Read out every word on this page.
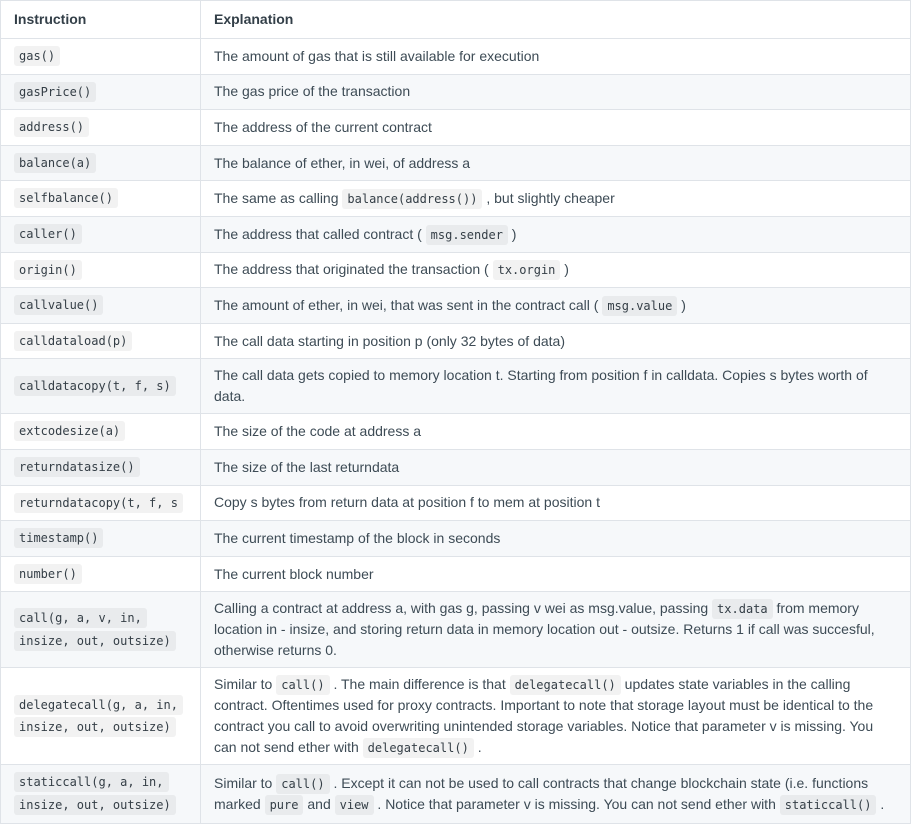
Instruction	Explanation
gas()	The amount of gas that is still available for execution
gasPrice()	The gas price of the transaction
address()	The address of the current contract
balance(a)	The balance of ether, in wei, of address a
selfbalance()	The same as calling balance(address()) , but slightly cheaper
caller()	The address that called contract ( msg.sender )
origin()	The address that originated the transaction ( tx.orgin )
callvalue()	The amount of ether, in wei, that was sent in the contract call ( msg.value )
calldataload(p)	The call data starting in position p (only 32 bytes of data)
calldatacopy(t, f, s)	The call data gets copied to memory location t. Starting from position f in calldata. Copies s bytes worth of data.
extcodesize(a)	The size of the code at address a
returndatasize()	The size of the last returndata
returndatacopy(t, f, s	Copy s bytes from return data at position f to mem at position t
timestamp()	The current timestamp of the block in seconds
number()	The current block number
call(g, a, v, in, insize, out, outsize)	Calling a contract at address a, with gas g, passing v wei as msg.value, passing tx.data from memory location in - insize, and storing return data in memory location out - outsize. Returns 1 if call was succesful, otherwise returns 0.
delegatecall(g, a, in, insize, out, outsize)	Similar to call() . The main difference is that delegatecall() updates state variables in the calling contract. Oftentimes used for proxy contracts. Important to note that storage layout must be identical to the contract you call to avoid overwriting unintended storage variables. Notice that parameter v is missing. You can not send ether with delegatecall() .
staticcall(g, a, in, insize, out, outsize)	Similar to call() . Except it can not be used to call contracts that change blockchain state (i.e. functions marked pure and view . Notice that parameter v is missing. You can not send ether with staticcall() .
